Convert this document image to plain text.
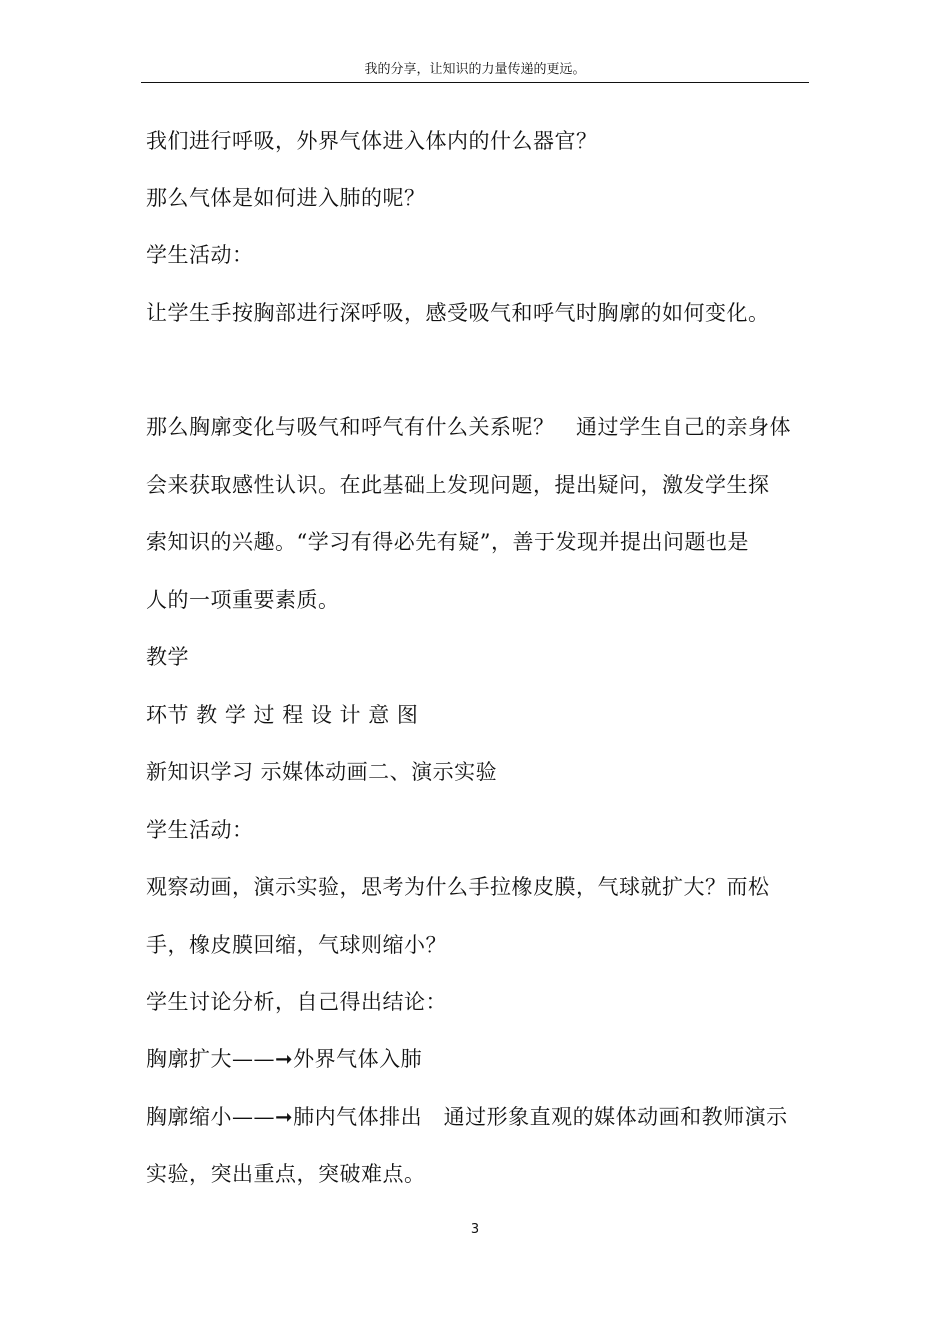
我的分享，让知识的力量传递的更远。
我们进行呼吸，外界气体进入体内的什么器官？
那么气体是如何进入肺的呢？
学生活动：
让学生手按胸部进行深呼吸，感受吸气和呼气时胸廓的如何变化。
那么胸廓变化与吸气和呼气有什么关系呢？　通过学生自己的亲身体
会来获取感性认识。在此基础上发现问题，提出疑问，激发学生探
索知识的兴趣。“学习有得必先有疑”，善于发现并提出问题也是
人的一项重要素质。
教学
环节 教 学 过 程 设 计 意 图
新知识学习 示媒体动画二、演示实验
学生活动：
观察动画，演示实验，思考为什么手拉橡皮膜，气球就扩大？而松
手，橡皮膜回缩，气球则缩小？
学生讨论分析，自己得出结论：
胸廓扩大——➞外界气体入肺
胸廓缩小——➞肺内气体排出　通过形象直观的媒体动画和教师演示
实验，突出重点，突破难点。
3
